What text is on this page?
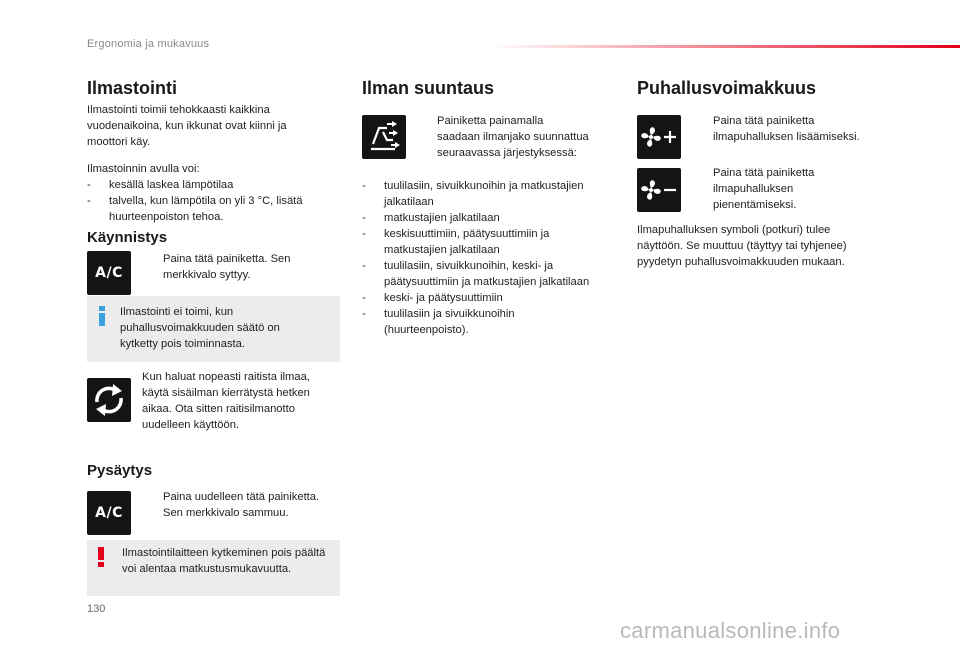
Ergonomia ja mukavuus
Ilmastointi

Ilmastointi toimii tehokkaasti kaikkina

vuodenaikoina, kun ikkunat ovat kiinni ja

moottori käy.

Ilmastoinnin avulla voi:

-	kesällä laskea lämpötilaa

-	talvella, kun lämpötila on yli 3 °C, lisätä

huurteenpoiston tehoa.

Käynnistys
A/C

Paina tätä painiketta. Sen

merkkivalo syttyy.

Ilmastointi ei toimi, kun

puhallusvoimakkuuden säätö on

kytketty pois toiminnasta.

Kun haluat nopeasti raitista ilmaa,

käytä sisäilman kierrätystä hetken

aikaa. Ota sitten raitisilmanotto

uudelleen käyttöön.

Pysäytys
A/C

Paina uudelleen tätä painiketta.

Sen merkkivalo sammuu.

Ilmastointilaitteen kytkeminen pois päältä

voi alentaa matkustusmukavuutta.

Ilman suuntaus

Painiketta painamalla

saadaan ilmanjako suunnattua

seuraavassa järjestyksessä:

-	tuulilasiin, sivuikkunoihin ja matkustajien

jalkatilaan

-	matkustajien jalkatilaan

-	keskisuuttimiin, päätysuuttimiin ja

matkustajien jalkatilaan

-	tuulilasiin, sivuikkunoihin, keski- ja

päätysuuttimiin ja matkustajien jalkatilaan

-	keski- ja päätysuuttimiin

-	tuulilasiin ja sivuikkunoihin

(huurteenpoisto).

Puhallusvoimakkuus

Paina tätä painiketta

ilmapuhalluksen lisäämiseksi.

Paina tätä painiketta

ilmapuhalluksen

pienentämiseksi.

Ilmapuhalluksen symboli (potkuri) tulee

näyttöön. Se muuttuu (täyttyy tai tyhjenee)

pyydetyn puhallusvoimakkuuden mukaan.

130
carmanualsonline.info
